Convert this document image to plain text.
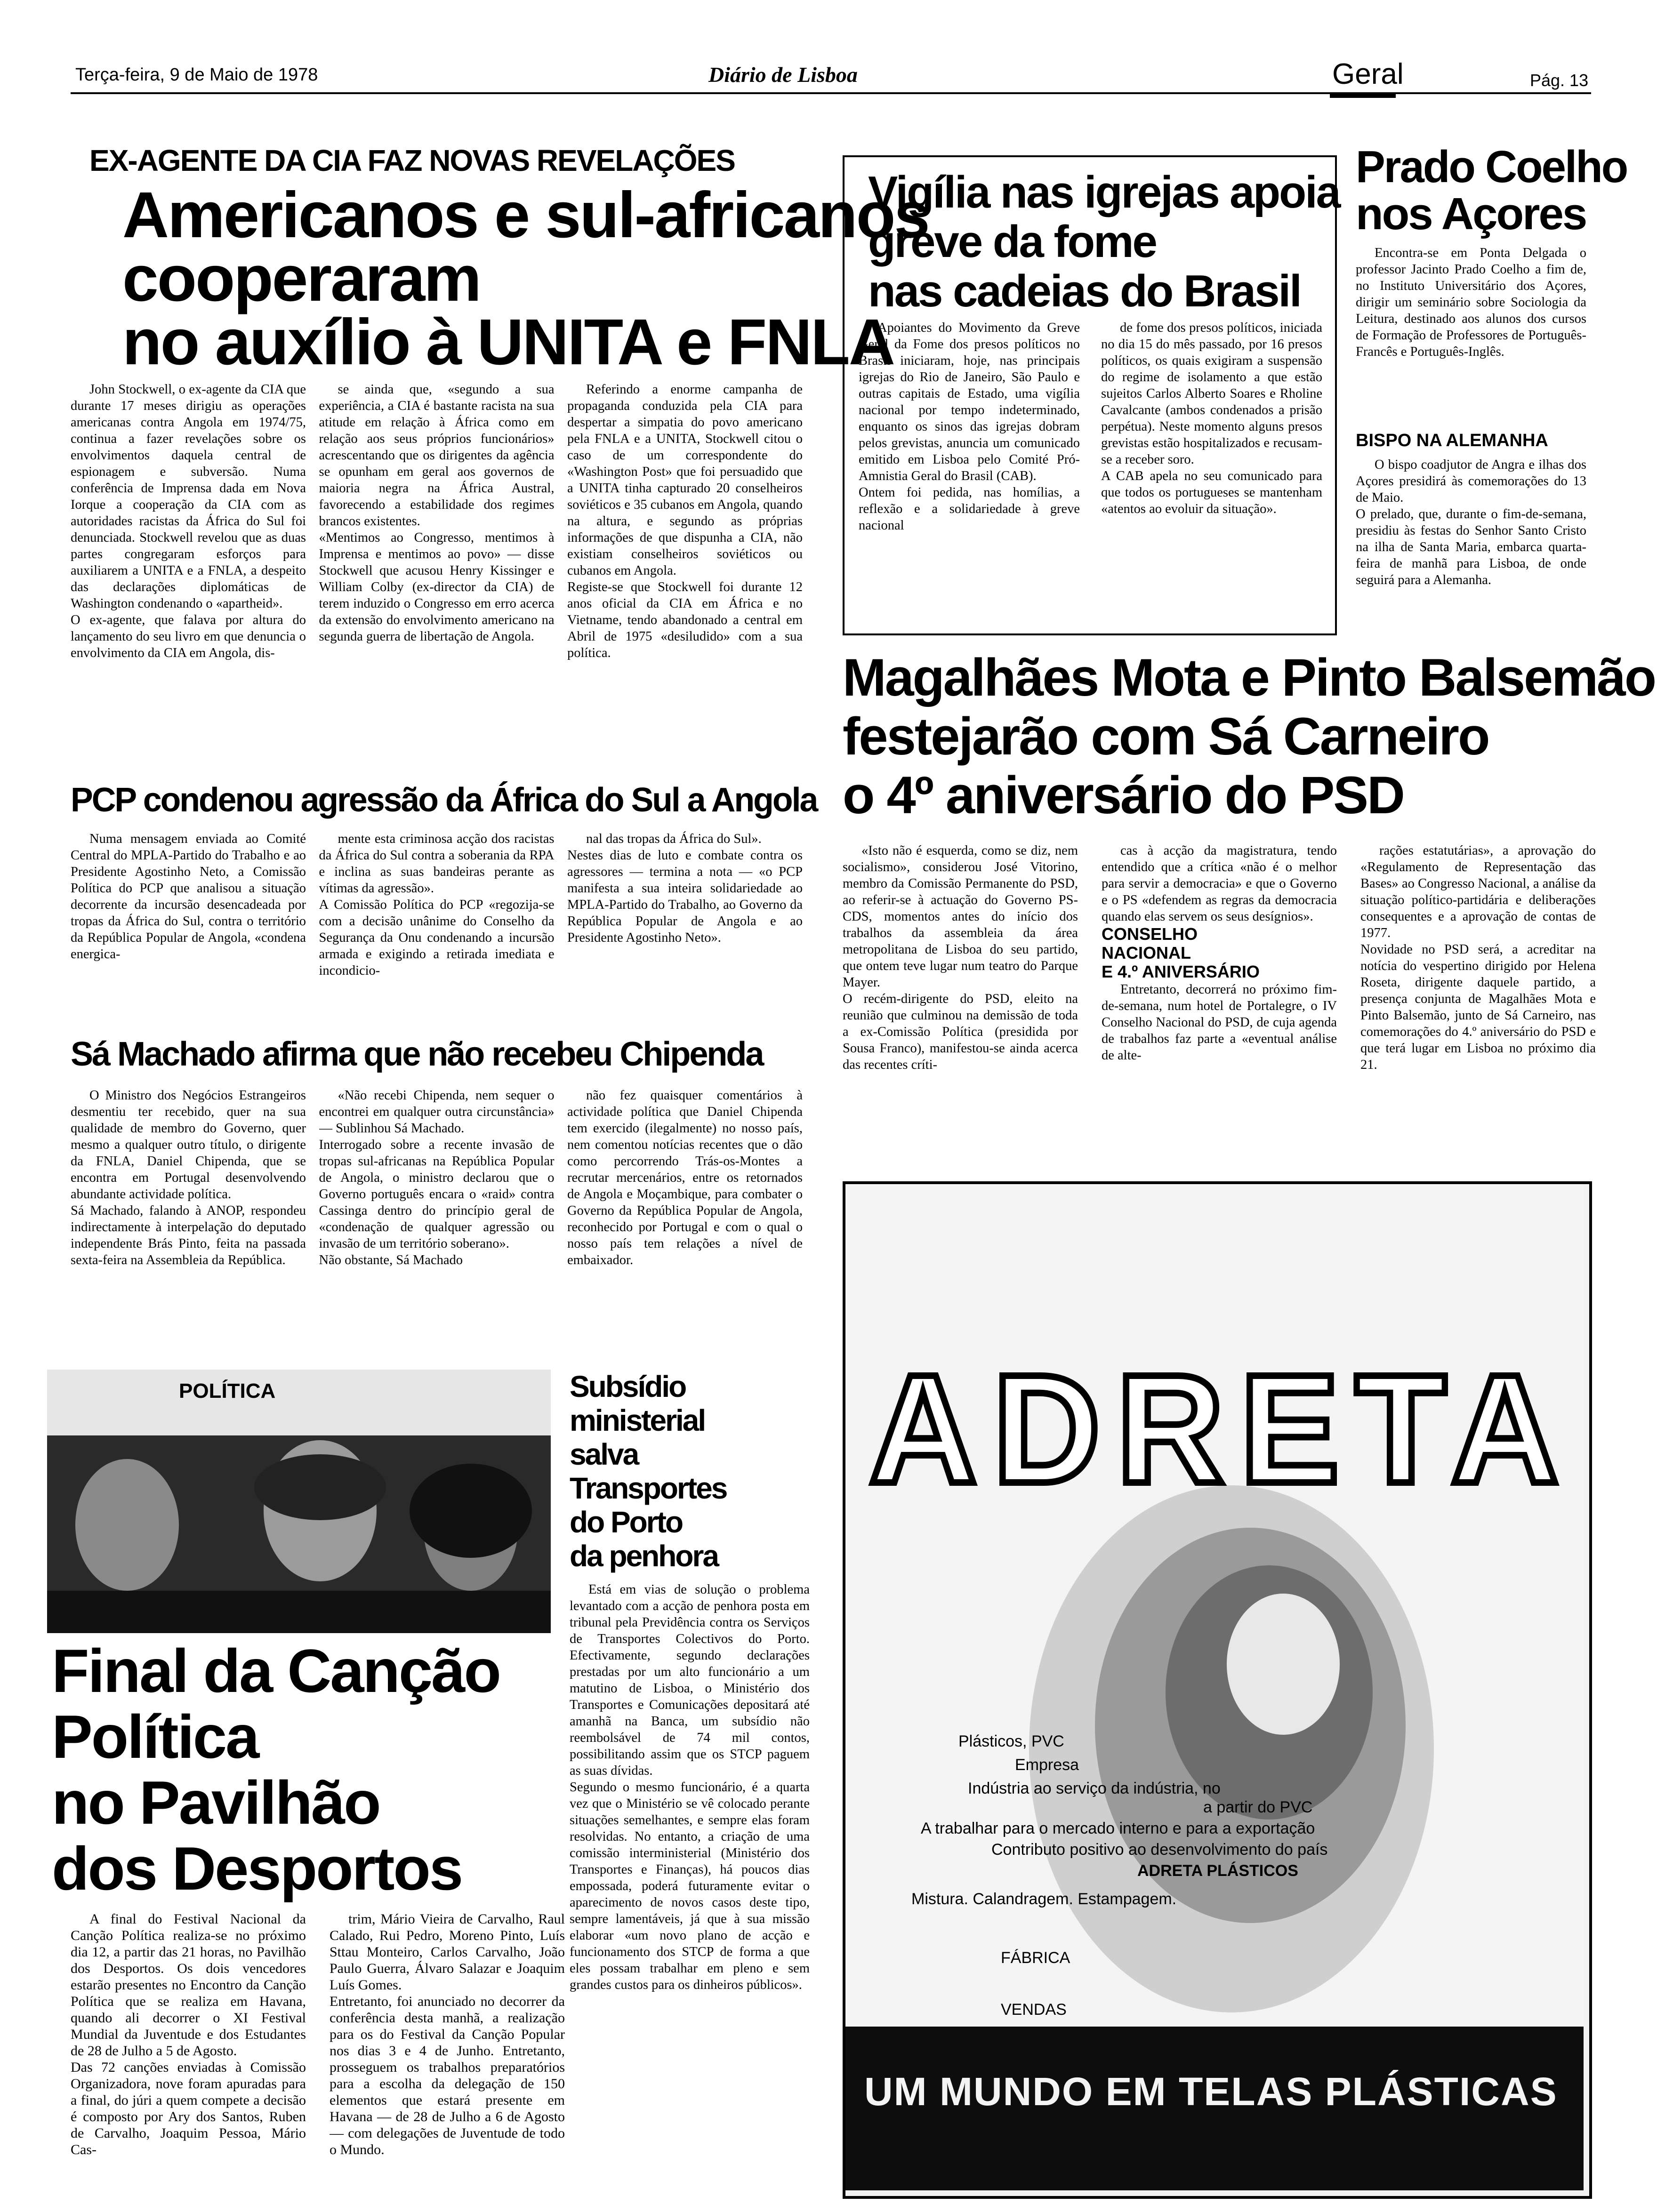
Terça-feira, 9 de Maio de 1978	Diário de Lisboa	Geral	Pág. 13
EX-AGENTE DA CIA FAZ NOVAS REVELAÇÕES
Americanos e sul-africanos
cooperaram
no auxílio à UNITA e FNLA

John Stockwell, o ex-agente da CIA que durante 17 meses dirigiu as operações americanas contra Angola em 1974/75, continua a fazer revelações sobre os envolvimentos daquela central de espionagem e subversão. Numa conferência de Imprensa dada em Nova Iorque a cooperação da CIA com as autoridades racistas da África do Sul foi denunciada. Stockwell revelou que as duas partes congregaram esforços para auxiliarem a UNITA e a FNLA, a despeito das declarações diplomáticas de Washington condenando o «apartheid».
O ex-agente, que falava por altura do lançamento do seu livro em que denuncia o envolvimento da CIA em Angola, dis-

se ainda que, «segundo a sua experiência, a CIA é bastante racista na sua atitude em relação à África como em relação aos seus próprios funcionários» acrescentando que os dirigentes da agência se opunham em geral aos governos de maioria negra na África Austral, favorecendo a estabilidade dos regimes brancos existentes.
«Mentimos ao Congresso, mentimos à Imprensa e mentimos ao povo» — disse Stockwell que acusou Henry Kissinger e William Colby (ex-director da CIA) de terem induzido o Congresso em erro acerca da extensão do envolvimento americano na segunda guerra de libertação de Angola.

Referindo a enorme campanha de propaganda conduzida pela CIA para despertar a simpatia do povo americano pela FNLA e a UNITA, Stockwell citou o caso de um correspondente do «Washington Post» que foi persuadido que a UNITA tinha capturado 20 conselheiros soviéticos e 35 cubanos em Angola, quando na altura, e segundo as próprias informações de que dispunha a CIA, não existiam conselheiros soviéticos ou cubanos em Angola.
Registe-se que Stockwell foi durante 12 anos oficial da CIA em África e no Vietname, tendo abandonado a central em Abril de 1975 «desiludido» com a sua política.

PCP condenou agressão da África do Sul a Angola

Numa mensagem enviada ao Comité Central do MPLA-Partido do Trabalho e ao Presidente Agostinho Neto, a Comissão Política do PCP que analisou a situação decorrente da incursão desencadeada por tropas da África do Sul, contra o território da República Popular de Angola, «condena energica-

mente esta criminosa acção dos racistas da África do Sul contra a soberania da RPA e inclina as suas bandeiras perante as vítimas da agressão».
A Comissão Política do PCP «regozija-se com a decisão unânime do Conselho da Segurança da Onu condenando a incursão armada e exigindo a retirada imediata e incondicio-

nal das tropas da África do Sul».
Nestes dias de luto e combate contra os agressores — termina a nota — «o PCP manifesta a sua inteira solidariedade ao MPLA-Partido do Trabalho, ao Governo da República Popular de Angola e ao Presidente Agostinho Neto».

Sá Machado afirma que não recebeu Chipenda

O Ministro dos Negócios Estrangeiros desmentiu ter recebido, quer na sua qualidade de membro do Governo, quer mesmo a qualquer outro título, o dirigente da FNLA, Daniel Chipenda, que se encontra em Portugal desenvolvendo abundante actividade política.
Sá Machado, falando à ANOP, respondeu indirectamente à interpelação do deputado independente Brás Pinto, feita na passada sexta-feira na Assembleia da República.

«Não recebi Chipenda, nem sequer o encontrei em qualquer outra circunstância» — Sublinhou Sá Machado.
Interrogado sobre a recente invasão de tropas sul-africanas na República Popular de Angola, o ministro declarou que o Governo português encara o «raid» contra Cassinga dentro do princípio geral de «condenação de qualquer agressão ou invasão de um território soberano».
Não obstante, Sá Machado

não fez quaisquer comentários à actividade política que Daniel Chipenda tem exercido (ilegalmente) no nosso país, nem comentou notícias recentes que o dão como percorrendo Trás-os-Montes a recrutar mercenários, entre os retornados de Angola e Moçambique, para combater o Governo da República Popular de Angola, reconhecido por Portugal e com o qual o nosso país tem relações a nível de embaixador.

Vigília nas igrejas apoia
greve da fome
nas cadeias do Brasil

Apoiantes do Movimento da Greve Geral da Fome dos presos políticos no Brasil iniciaram, hoje, nas principais igrejas do Rio de Janeiro, São Paulo e outras capitais de Estado, uma vigília nacional por tempo indeterminado, enquanto os sinos das igrejas dobram pelos grevistas, anuncia um comunicado emitido em Lisboa pelo Comité Pró-Amnistia Geral do Brasil (CAB).
Ontem foi pedida, nas homílias, a reflexão e a solidariedade à greve nacional

de fome dos presos políticos, iniciada no dia 15 do mês passado, por 16 presos políticos, os quais exigiram a suspensão do regime de isolamento a que estão sujeitos Carlos Alberto Soares e Rholine Cavalcante (ambos condenados a prisão perpétua). Neste momento alguns presos grevistas estão hospitalizados e recusam-se a receber soro.
A CAB apela no seu comunicado para que todos os portugueses se mantenham «atentos ao evoluir da situação».

Prado Coelho
nos Açores

Encontra-se em Ponta Delgada o professor Jacinto Prado Coelho a fim de, no Instituto Universitário dos Açores, dirigir um seminário sobre Sociologia da Leitura, destinado aos alunos dos cursos de Formação de Professores de Português-Francês e Português-Inglês.

BISPO NA ALEMANHA

O bispo coadjutor de Angra e ilhas dos Açores presidirá às comemorações do 13 de Maio.
O prelado, que, durante o fim-de-semana, presidiu às festas do Senhor Santo Cristo na ilha de Santa Maria, embarca quarta-feira de manhã para Lisboa, de onde seguirá para a Alemanha.

Magalhães Mota e Pinto Balsemão
festejarão com Sá Carneiro
o 4º aniversário do PSD

«Isto não é esquerda, como se diz, nem socialismo», considerou José Vitorino, membro da Comissão Permanente do PSD, ao referir-se à actuação do Governo PS-CDS, momentos antes do início dos trabalhos da assembleia da área metropolitana de Lisboa do seu partido, que ontem teve lugar num teatro do Parque Mayer.
O recém-dirigente do PSD, eleito na reunião que culminou na demissão de toda a ex-Comissão Política (presidida por Sousa Franco), manifestou-se ainda acerca das recentes críti-

cas à acção da magistratura, tendo entendido que a crítica «não é o melhor para servir a democracia» e que o Governo e o PS «defendem as regras da democracia quando elas servem os seus desígnios».

CONSELHO
NACIONAL
E 4.º ANIVERSÁRIO

Entretanto, decorrerá no próximo fim-de-semana, num hotel de Portalegre, o IV Conselho Nacional do PSD, de cuja agenda de trabalhos faz parte a «eventual análise de alte-

rações estatutárias», a aprovação do «Regulamento de Representação das Bases» ao Congresso Nacional, a análise da situação político-partidária e deliberações consequentes e a aprovação de contas de 1977.
Novidade no PSD será, a acreditar na notícia do vespertino dirigido por Helena Roseta, dirigente daquele partido, a presença conjunta de Magalhães Mota e Pinto Balsemão, junto de Sá Carneiro, nas comemorações do 4.º aniversário do PSD e que terá lugar em Lisboa no próximo dia 21.

POLÍTICA
Final da Canção
Política
no Pavilhão
dos Desportos

A final do Festival Nacional da Canção Política realiza-se no próximo dia 12, a partir das 21 horas, no Pavilhão dos Desportos. Os dois vencedores estarão presentes no Encontro da Canção Política que se realiza em Havana, quando ali decorrer o XI Festival Mundial da Juventude e dos Estudantes de 28 de Julho a 5 de Agosto.
Das 72 canções enviadas à Comissão Organizadora, nove foram apuradas para a final, do júri a quem compete a decisão é composto por Ary dos Santos, Ruben de Carvalho, Joaquim Pessoa, Mário Cas-

trim, Mário Vieira de Carvalho, Raul Calado, Rui Pedro, Moreno Pinto, Luís Sttau Monteiro, Carlos Carvalho, João Paulo Guerra, Álvaro Salazar e Joaquim Luís Gomes.
Entretanto, foi anunciado no decorrer da conferência desta manhã, a realização para os do Festival da Canção Popular nos dias 3 e 4 de Junho. Entretanto, prosseguem os trabalhos preparatórios para a escolha da delegação de 150 elementos que estará presente em Havana — de 28 de Julho a 6 de Agosto — com delegações de Juventude de todo o Mundo.

Subsídio
ministerial
salva
Transportes
do Porto
da penhora

Está em vias de solução o problema levantado com a acção de penhora posta em tribunal pela Previdência contra os Serviços de Transportes Colectivos do Porto. Efectivamente, segundo declarações prestadas por um alto funcionário a um matutino de Lisboa, o Ministério dos Transportes e Comunicações depositará até amanhã na Banca, um subsídio não reembolsável de 74 mil contos, possibilitando assim que os STCP paguem as suas dívidas.
Segundo o mesmo funcionário, é a quarta vez que o Ministério se vê colocado perante situações semelhantes, e sempre elas foram resolvidas. No entanto, a criação de uma comissão interministerial (Ministério dos Transportes e Finanças), há poucos dias empossada, poderá futuramente evitar o aparecimento de novos casos deste tipo, sempre lamentáveis, já que à sua missão elaborar «um novo plano de acção e funcionamento dos STCP de forma a que eles possam trabalhar em pleno e sem grandes custos para os dinheiros públicos».

ADRETA
Plásticos, PVC
Empresa
Indústria ao serviço da indústria, no
a partir do PVC
A trabalhar para o mercado interno e para a exportação
Contributo positivo ao desenvolvimento do país
ADRETA PLÁSTICOS
Mistura. Calandragem. Estampagem.
FÁBRICA
VENDAS
UM MUNDO EM TELAS PLÁSTICAS
